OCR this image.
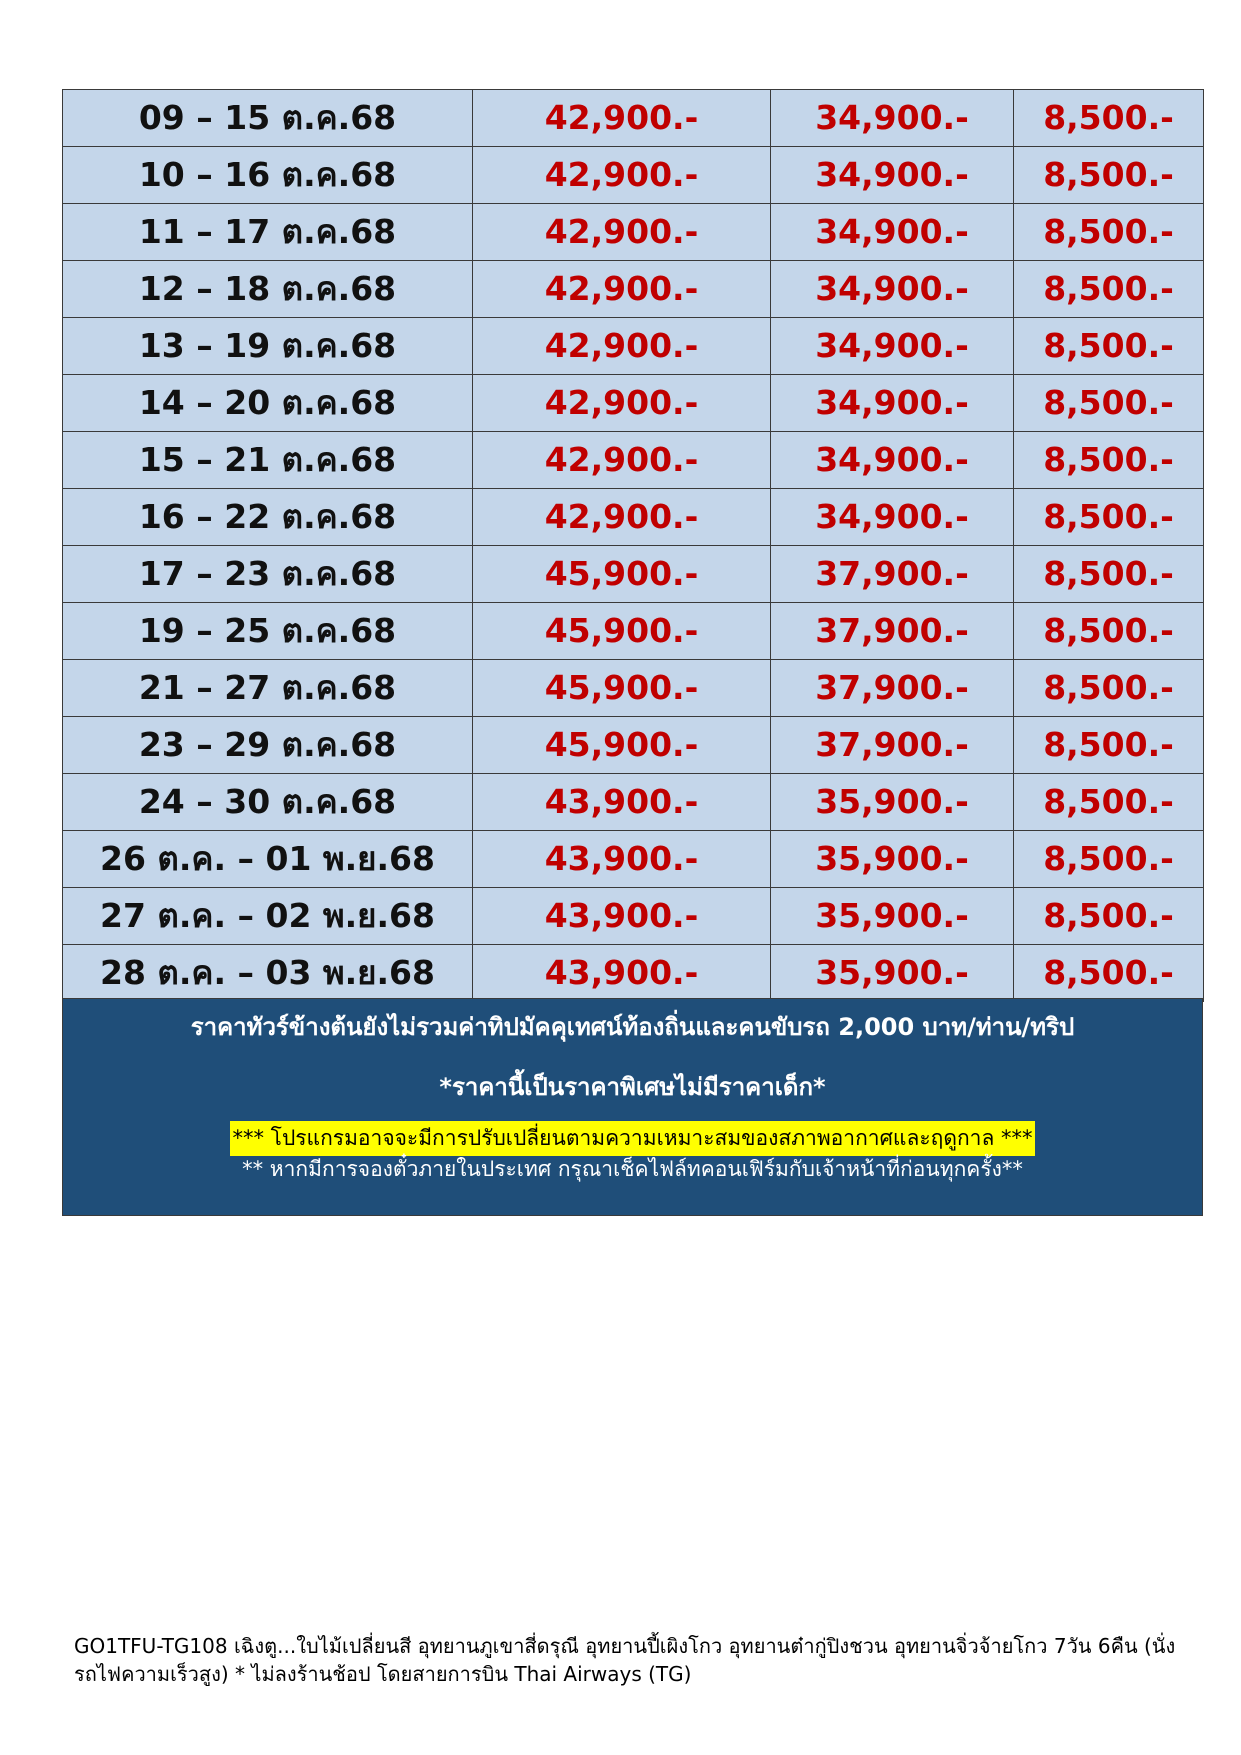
09 – 15 ต.ค.68	42,900.-	34,900.-	8,500.-
10 – 16 ต.ค.68	42,900.-	34,900.-	8,500.-
11 – 17 ต.ค.68	42,900.-	34,900.-	8,500.-
12 – 18 ต.ค.68	42,900.-	34,900.-	8,500.-
13 – 19 ต.ค.68	42,900.-	34,900.-	8,500.-
14 – 20 ต.ค.68	42,900.-	34,900.-	8,500.-
15 – 21 ต.ค.68	42,900.-	34,900.-	8,500.-
16 – 22 ต.ค.68	42,900.-	34,900.-	8,500.-
17 – 23 ต.ค.68	45,900.-	37,900.-	8,500.-
19 – 25 ต.ค.68	45,900.-	37,900.-	8,500.-
21 – 27 ต.ค.68	45,900.-	37,900.-	8,500.-
23 – 29 ต.ค.68	45,900.-	37,900.-	8,500.-
24 – 30 ต.ค.68	43,900.-	35,900.-	8,500.-
26 ต.ค. – 01 พ.ย.68	43,900.-	35,900.-	8,500.-
27 ต.ค. – 02 พ.ย.68	43,900.-	35,900.-	8,500.-
28 ต.ค. – 03 พ.ย.68	43,900.-	35,900.-	8,500.-
ราคาทัวร์ข้างต้นยังไม่รวมค่าทิปมัคคุเทศน์ท้องถิ่นและคนขับรถ 2,000 บาท/ท่าน/ทริป
*ราคานี้เป็นราคาพิเศษไม่มีราคาเด็ก*
*** โปรแกรมอาจจะมีการปรับเปลี่ยนตามความเหมาะสมของสภาพอากาศและฤดูกาล ***
** หากมีการจองตั๋วภายในประเทศ กรุณาเช็คไฟล์ทคอนเฟิร์มกับเจ้าหน้าที่ก่อนทุกครั้ง**
GO1TFU-TG108 เฉิงตู...ใบไม้เปลี่ยนสี อุทยานภูเขาสี่ดรุณี อุทยานปี้เผิงโกว อุทยานต๋ากู่ปิงชวน อุทยานจิ่วจ้ายโกว 7วัน 6คืน (นั่งรถไฟความเร็วสูง) * ไม่ลงร้านช้อป โดยสายการบิน Thai Airways (TG)
